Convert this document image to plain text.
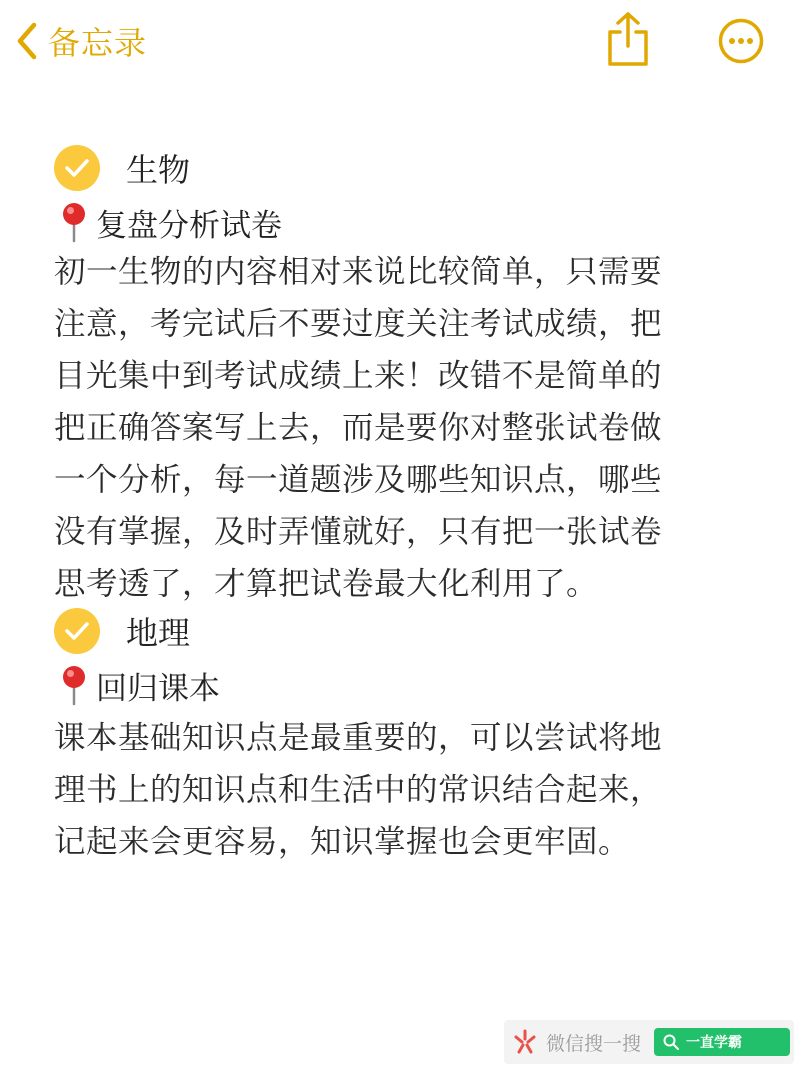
备忘录
生物
复盘分析试卷
初一生物的内容相对来说比较简单，只需要
注意，考完试后不要过度关注考试成绩，把
目光集中到考试成绩上来！改错不是简单的
把正确答案写上去，而是要你对整张试卷做
一个分析，每一道题涉及哪些知识点，哪些
没有掌握，及时弄懂就好，只有把一张试卷
思考透了，才算把试卷最大化利用了。
地理
回归课本
课本基础知识点是最重要的，可以尝试将地
理书上的知识点和生活中的常识结合起来，
记起来会更容易，知识掌握也会更牢固。
微信搜一搜	一直学霸
